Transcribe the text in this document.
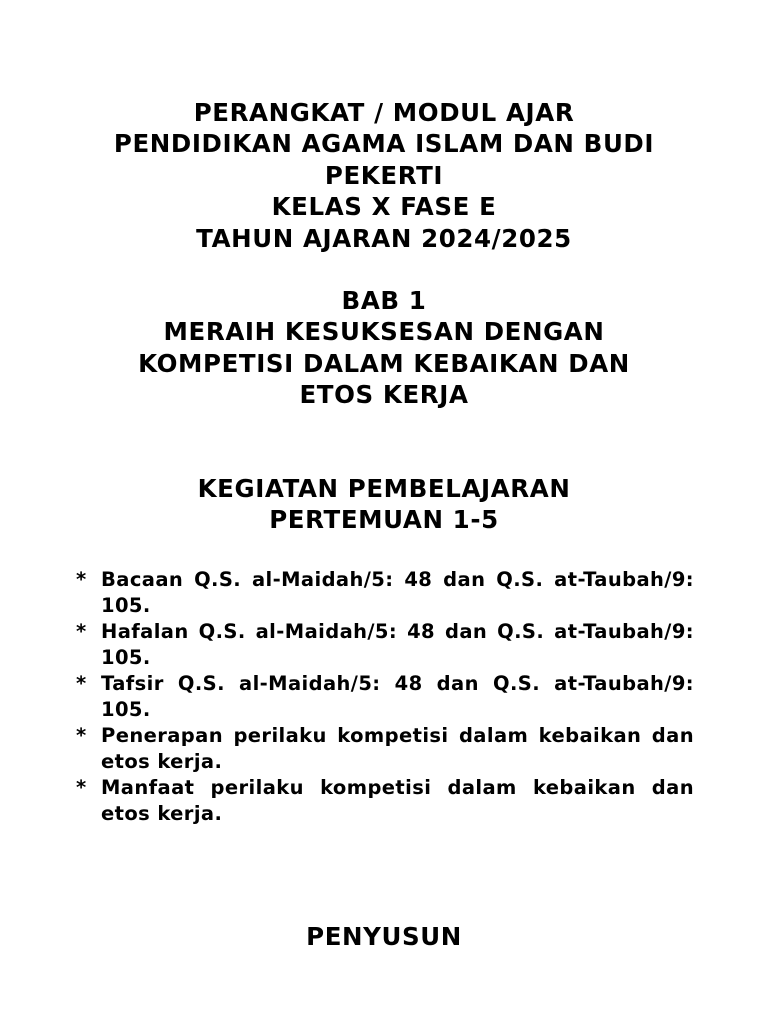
PERANGKAT / MODUL AJAR
PENDIDIKAN AGAMA ISLAM DAN BUDI
PEKERTI
KELAS X FASE E
TAHUN AJARAN 2024/2025
BAB 1
MERAIH KESUKSESAN DENGAN
KOMPETISI DALAM KEBAIKAN DAN
ETOS KERJA
KEGIATAN PEMBELAJARAN
PERTEMUAN 1-5
* Bacaan Q.S. al-Maidah/5: 48 dan Q.S. at-Taubah/9: 105.
* Hafalan Q.S. al-Maidah/5: 48 dan Q.S. at-Taubah/9: 105.
* Tafsir Q.S. al-Maidah/5: 48 dan Q.S. at-Taubah/9: 105.
* Penerapan perilaku kompetisi dalam kebaikan dan etos kerja.
* Manfaat perilaku kompetisi dalam kebaikan dan etos kerja.
PENYUSUN
